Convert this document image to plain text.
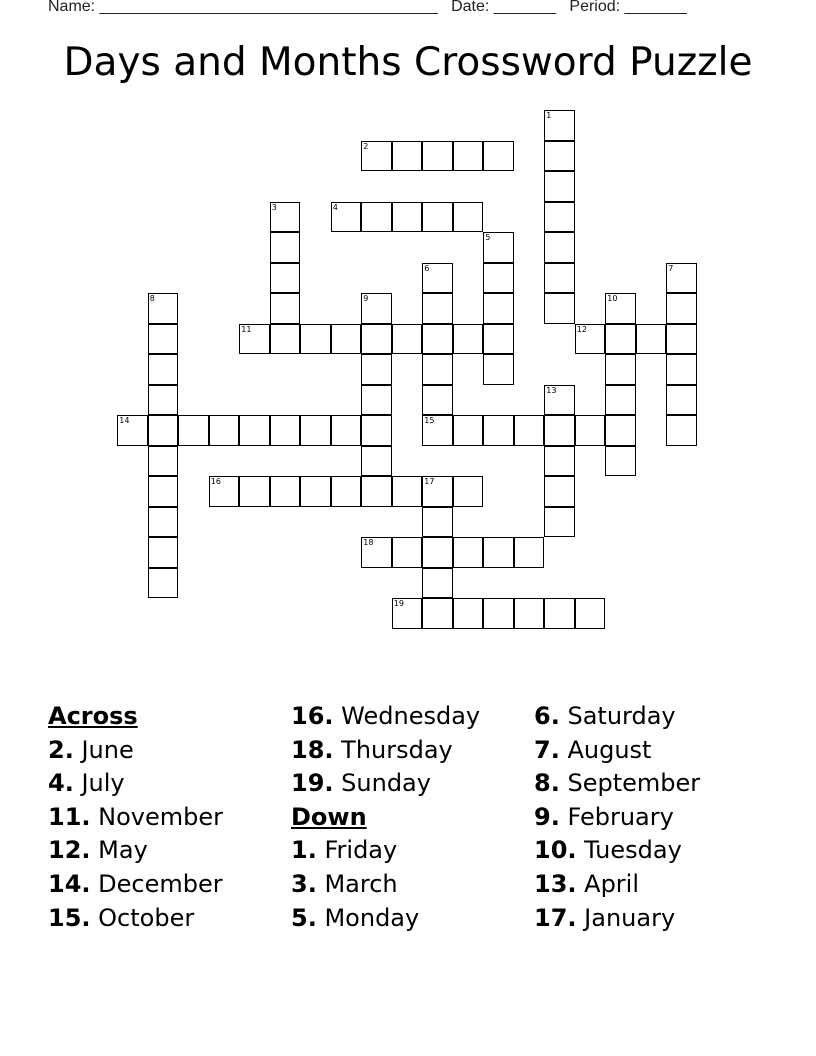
Name: ______________________________________ Date: _______ Period: _______
Days and Months Crossword Puzzle
1
2
3	4
5
6	7
8	9	10
11	12
13
14	15
16	17
18
19
Across
2. June
4. July
11. November
12. May
14. December
15. October
16. Wednesday
18. Thursday
19. Sunday
Down
1. Friday
3. March
5. Monday
6. Saturday
7. August
8. September
9. February
10. Tuesday
13. April
17. January
